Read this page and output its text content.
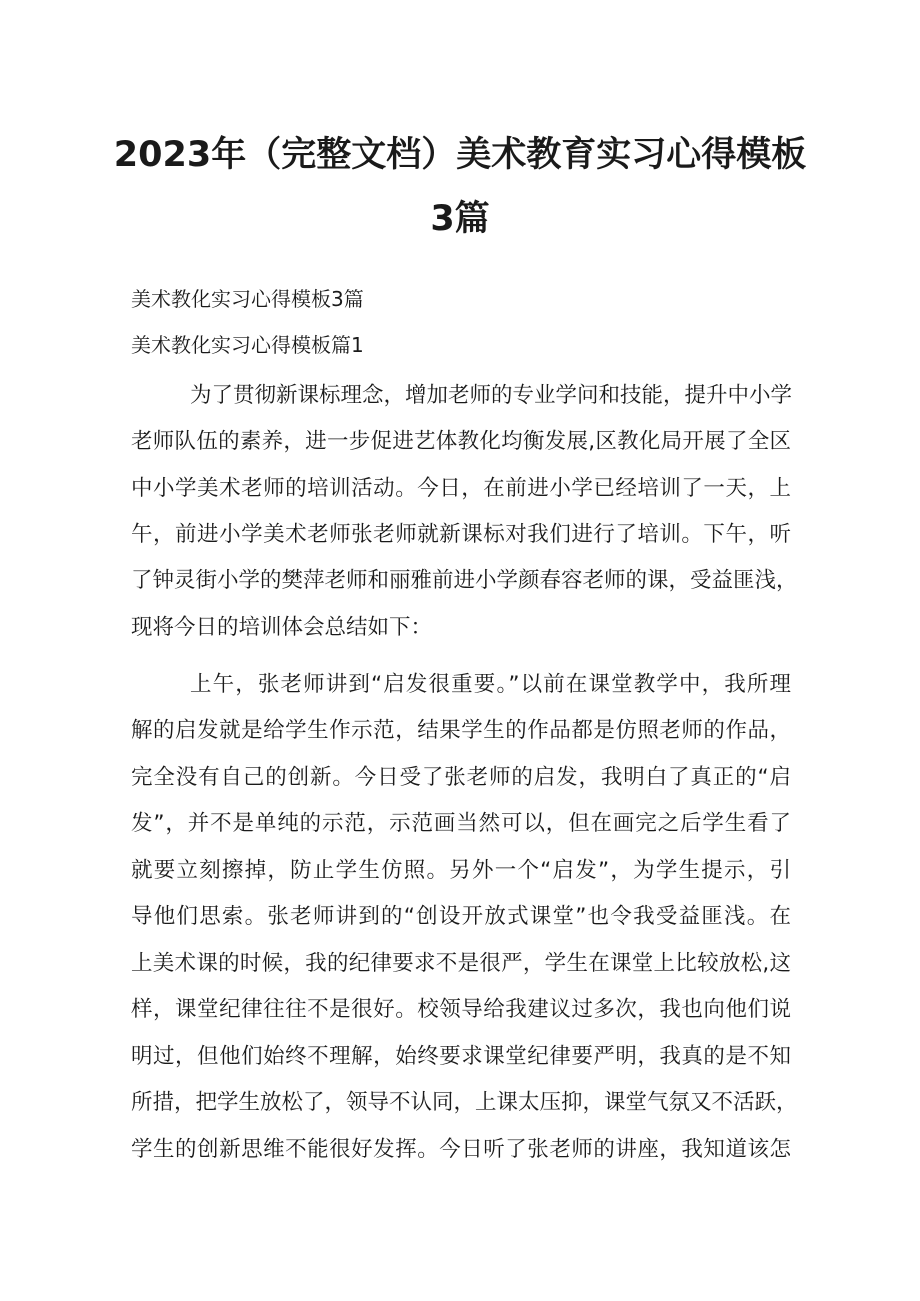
2023年（完整文档）美术教育实习心得模板
3篇

美术教化实习心得模板3篇

美术教化实习心得模板篇1

为了贯彻新课标理念，增加老师的专业学问和技能，提升中小学

老师队伍的素养，进一步促进艺体教化均衡发展,区教化局开展了全区

中小学美术老师的培训活动。今日，在前进小学已经培训了一天，上

午，前进小学美术老师张老师就新课标对我们进行了培训。下午，听

了钟灵街小学的樊萍老师和丽雅前进小学颜春容老师的课，受益匪浅，

现将今日的培训体会总结如下：

上午，张老师讲到“启发很重要。”以前在课堂教学中，我所理

解的启发就是给学生作示范，结果学生的作品都是仿照老师的作品，

完全没有自己的创新。今日受了张老师的启发，我明白了真正的“启

发”，并不是单纯的示范，示范画当然可以，但在画完之后学生看了

就要立刻擦掉，防止学生仿照。另外一个“启发”，为学生提示，引

导他们思索。张老师讲到的“创设开放式课堂”也令我受益匪浅。在

上美术课的时候，我的纪律要求不是很严，学生在课堂上比较放松,这

样，课堂纪律往往不是很好。校领导给我建议过多次，我也向他们说

明过，但他们始终不理解，始终要求课堂纪律要严明，我真的是不知

所措，把学生放松了，领导不认同，上课太压抑，课堂气氛又不活跃，

学生的创新思维不能很好发挥。今日听了张老师的讲座，我知道该怎
